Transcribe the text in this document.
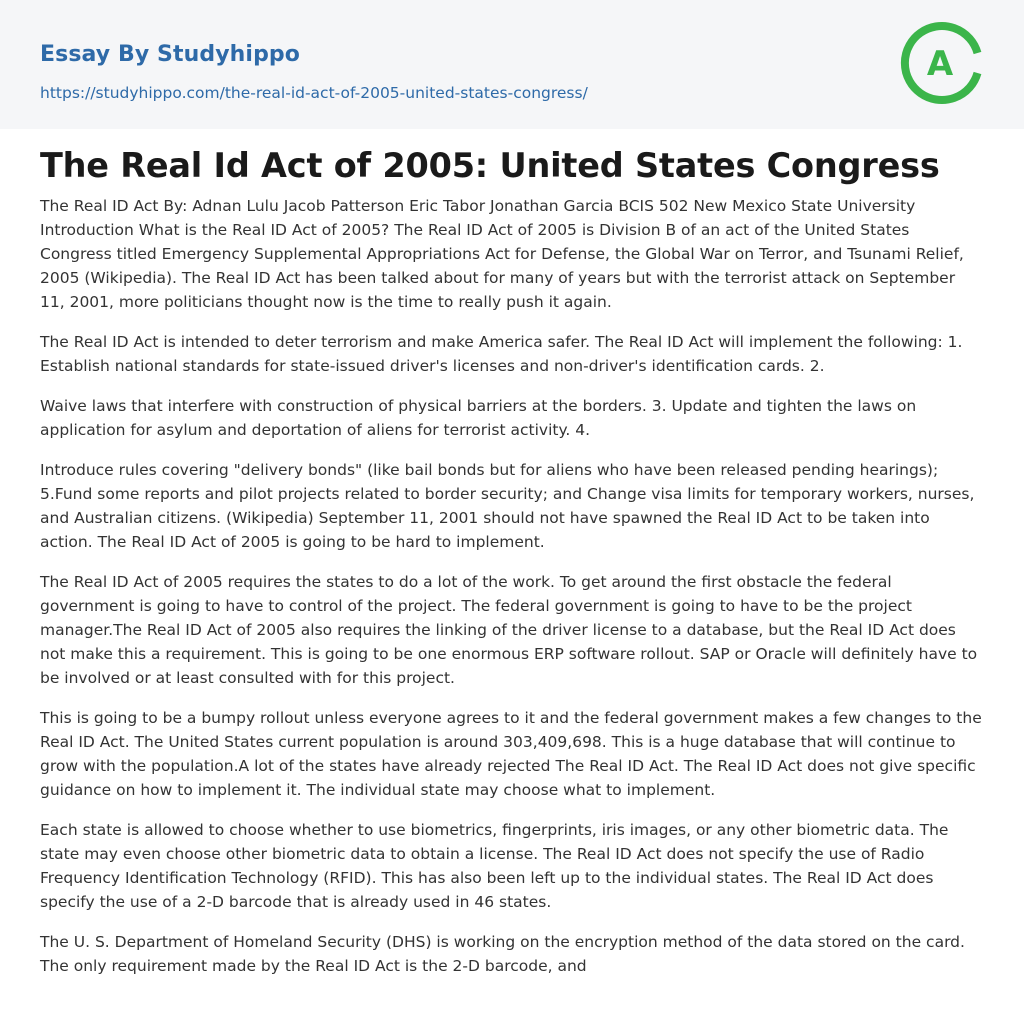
Essay By Studyhippo
https://studyhippo.com/the-real-id-act-of-2005-united-states-congress/
A
The Real Id Act of 2005: United States Congress

The Real ID Act By: Adnan Lulu Jacob Patterson Eric Tabor Jonathan Garcia BCIS 502 New Mexico State University Introduction What is the Real ID Act of 2005? The Real ID Act of 2005 is Division B of an act of the United States Congress titled Emergency Supplemental Appropriations Act for Defense, the Global War on Terror, and Tsunami Relief, 2005 (Wikipedia). The Real ID Act has been talked about for many of years but with the terrorist attack on September 11, 2001, more politicians thought now is the time to really push it again.

The Real ID Act is intended to deter terrorism and make America safer. The Real ID Act will implement the following: 1. Establish national standards for state-issued driver's licenses and non-driver's identification cards. 2.

Waive laws that interfere with construction of physical barriers at the borders. 3. Update and tighten the laws on application for asylum and deportation of aliens for terrorist activity. 4.

Introduce rules covering "delivery bonds" (like bail bonds but for aliens who have been released pending hearings); 5.Fund some reports and pilot projects related to border security; and Change visa limits for temporary workers, nurses, and Australian citizens. (Wikipedia) September 11, 2001 should not have spawned the Real ID Act to be taken into action. The Real ID Act of 2005 is going to be hard to implement.

The Real ID Act of 2005 requires the states to do a lot of the work. To get around the first obstacle the federal government is going to have to control of the project. The federal government is going to have to be the project manager.The Real ID Act of 2005 also requires the linking of the driver license to a database, but the Real ID Act does not make this a requirement. This is going to be one enormous ERP software rollout. SAP or Oracle will definitely have to be involved or at least consulted with for this project.

This is going to be a bumpy rollout unless everyone agrees to it and the federal government makes a few changes to the Real ID Act. The United States current population is around 303,409,698. This is a huge database that will continue to grow with the population.A lot of the states have already rejected The Real ID Act. The Real ID Act does not give specific guidance on how to implement it. The individual state may choose what to implement.

Each state is allowed to choose whether to use biometrics, fingerprints, iris images, or any other biometric data. The state may even choose other biometric data to obtain a license. The Real ID Act does not specify the use of Radio Frequency Identification Technology (RFID). This has also been left up to the individual states. The Real ID Act does specify the use of a 2-D barcode that is already used in 46 states.

The U. S. Department of Homeland Security (DHS) is working on the encryption method of the data stored on the card. The only requirement made by the Real ID Act is the 2-D barcode, and
